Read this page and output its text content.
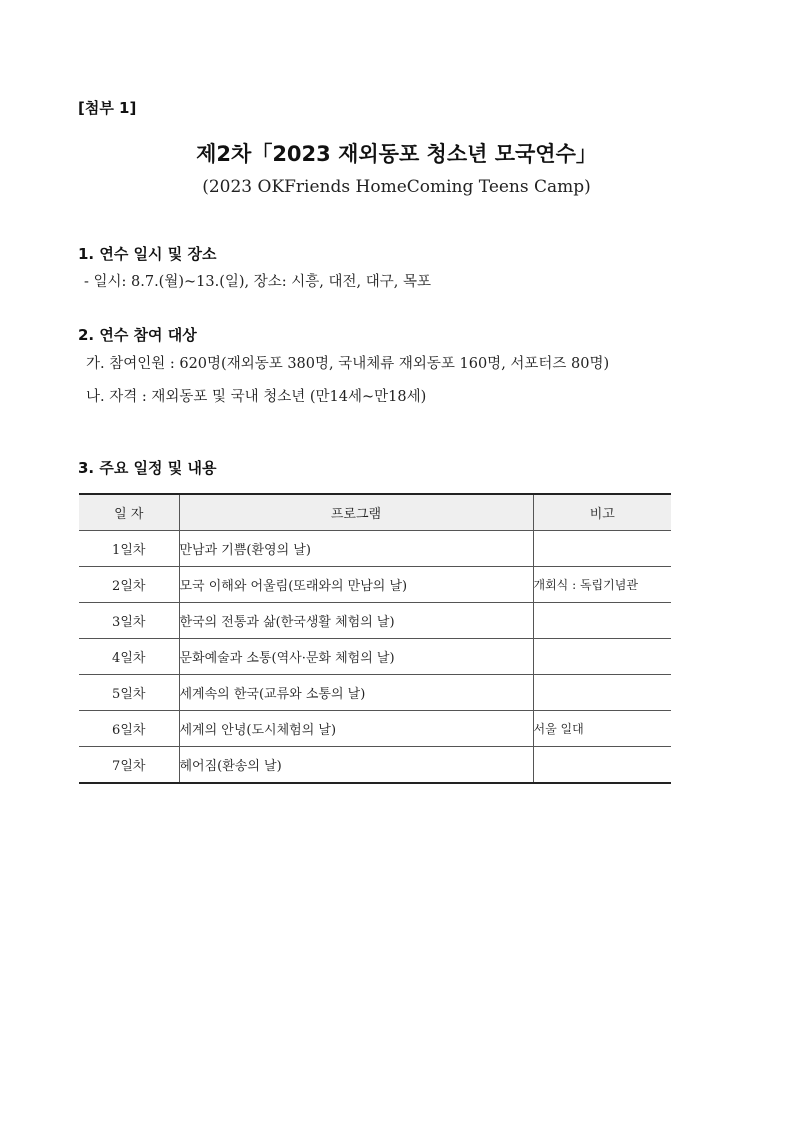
[첨부 1]
제2차「2023 재외동포 청소년 모국연수」
(2023 OKFriends HomeComing Teens Camp)
1. 연수 일시 및 장소
- 일시: 8.7.(월)~13.(일), 장소: 시흥, 대전, 대구, 목포
2. 연수 참여 대상
가. 참여인원 : 620명(재외동포 380명, 국내체류 재외동포 160명, 서포터즈 80명)
나. 자격 : 재외동포 및 국내 청소년 (만14세~만18세)
3. 주요 일정 및 내용
일 자	프로그램	비고
1일차	만남과 기쁨(환영의 날)	
2일차	모국 이해와 어울림(또래와의 만남의 날)	개회식 : 독립기념관
3일차	한국의 전통과 삶(한국생활 체험의 날)	
4일차	문화예술과 소통(역사·문화 체험의 날)	
5일차	세계속의 한국(교류와 소통의 날)	
6일차	세계의 안녕(도시체험의 날)	서울 일대
7일차	헤어짐(환송의 날)	
